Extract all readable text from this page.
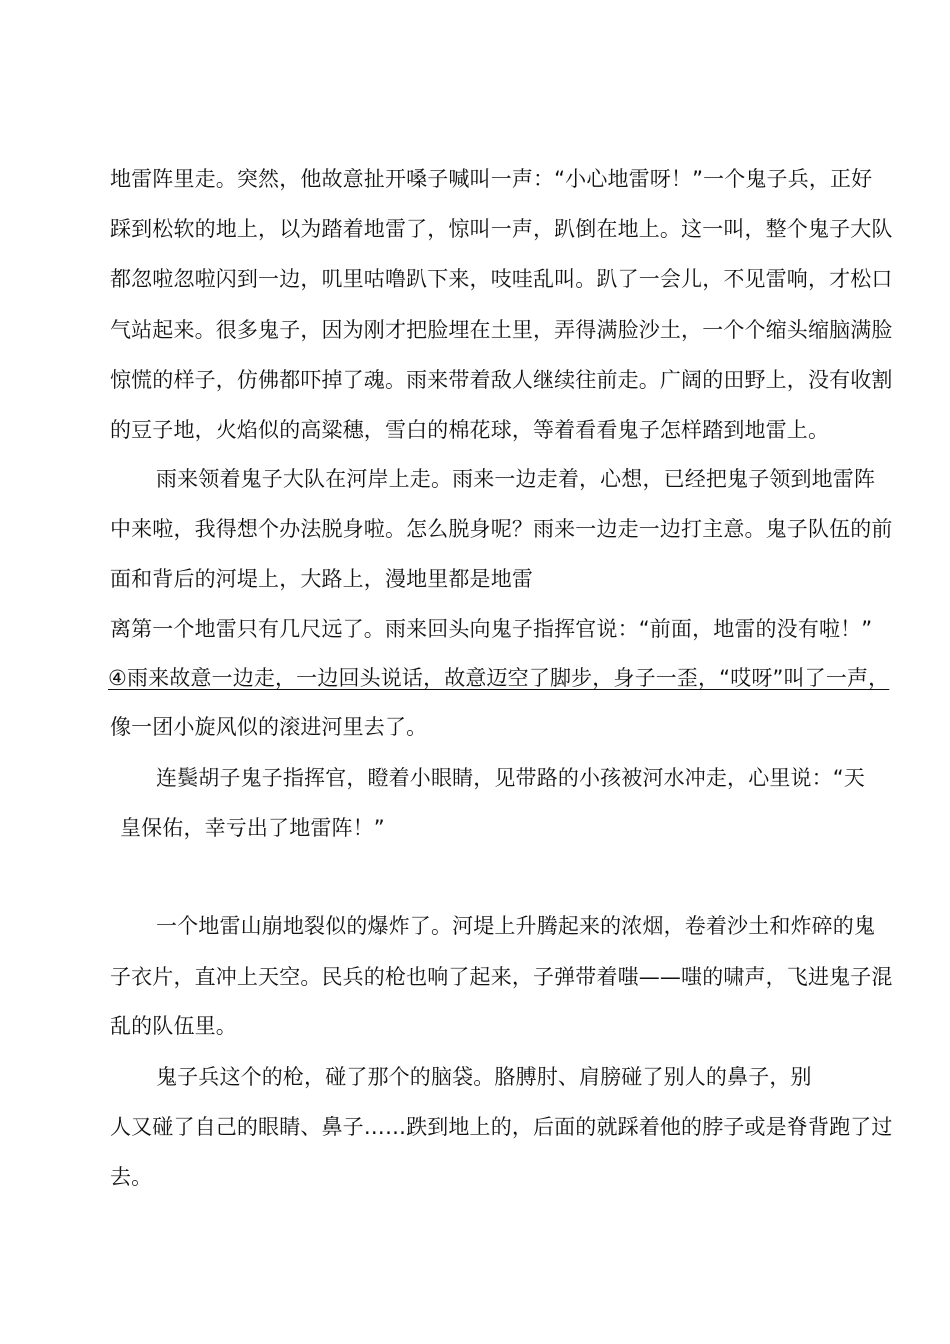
地雷阵里走。突然，他故意扯开嗓子喊叫一声：“小心地雷呀！”一个鬼子兵，正好
踩到松软的地上，以为踏着地雷了，惊叫一声，趴倒在地上。这一叫，整个鬼子大队
都忽啦忽啦闪到一边，叽里咕噜趴下来，吱哇乱叫。趴了一会儿，不见雷响，才松口
气站起来。很多鬼子，因为刚才把脸埋在土里，弄得满脸沙土，一个个缩头缩脑满脸
惊慌的样子，仿佛都吓掉了魂。雨来带着敌人继续往前走。广阔的田野上，没有收割
的豆子地，火焰似的高粱穗，雪白的棉花球，等着看看鬼子怎样踏到地雷上。
雨来领着鬼子大队在河岸上走。雨来一边走着，心想，已经把鬼子领到地雷阵
中来啦，我得想个办法脱身啦。怎么脱身呢？雨来一边走一边打主意。鬼子队伍的前
面和背后的河堤上，大路上，漫地里都是地雷
离第一个地雷只有几尺远了。雨来回头向鬼子指挥官说：“前面，地雷的没有啦！”
④雨来故意一边走，一边回头说话，故意迈空了脚步，身子一歪，“哎呀”叫了一声，
像一团小旋风似的滚进河里去了。
连鬓胡子鬼子指挥官，瞪着小眼睛，见带路的小孩被河水冲走，心里说：“天
皇保佑，幸亏出了地雷阵！”
一个地雷山崩地裂似的爆炸了。河堤上升腾起来的浓烟，卷着沙土和炸碎的鬼
子衣片，直冲上天空。民兵的枪也响了起来，子弹带着嗤——嗤的啸声，飞进鬼子混
乱的队伍里。
鬼子兵这个的枪，碰了那个的脑袋。胳膊肘、肩膀碰了别人的鼻子，别
人又碰了自己的眼睛、鼻子……跌到地上的，后面的就踩着他的脖子或是脊背跑了过
去。
